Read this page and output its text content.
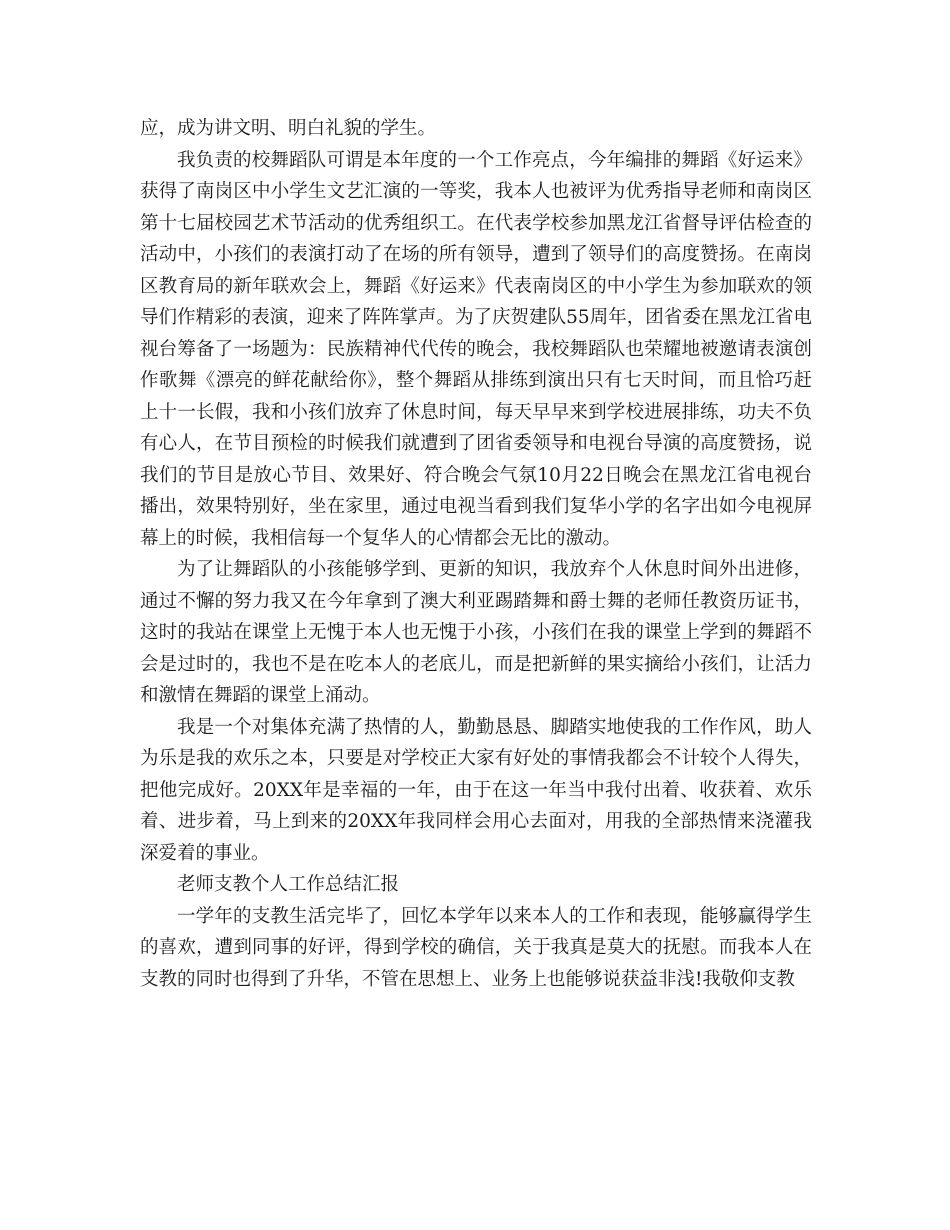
应，成为讲文明、明白礼貌的学生。

我负责的校舞蹈队可谓是本年度的一个工作亮点，今年编排的舞蹈《好运来》获得了南岗区中小学生文艺汇演的一等奖，我本人也被评为优秀指导老师和南岗区第十七届校园艺术节活动的优秀组织工。在代表学校参加黑龙江省督导评估检查的活动中，小孩们的表演打动了在场的所有领导，遭到了领导们的高度赞扬。在南岗区教育局的新年联欢会上，舞蹈《好运来》代表南岗区的中小学生为参加联欢的领导们作精彩的表演，迎来了阵阵掌声。为了庆贺建队55周年，团省委在黑龙江省电视台筹备了一场题为：民族精神代代传的晚会，我校舞蹈队也荣耀地被邀请表演创作歌舞《漂亮的鲜花献给你》，整个舞蹈从排练到演出只有七天时间，而且恰巧赶上十一长假，我和小孩们放弃了休息时间，每天早早来到学校进展排练，功夫不负有心人，在节目预检的时候我们就遭到了团省委领导和电视台导演的高度赞扬，说我们的节目是放心节目、效果好、符合晚会气氛10月22日晚会在黑龙江省电视台播出，效果特别好，坐在家里，通过电视当看到我们复华小学的名字出如今电视屏幕上的时候，我相信每一个复华人的心情都会无比的激动。

为了让舞蹈队的小孩能够学到、更新的知识，我放弃个人休息时间外出进修，通过不懈的努力我又在今年拿到了澳大利亚踢踏舞和爵士舞的老师任教资历证书，这时的我站在课堂上无愧于本人也无愧于小孩，小孩们在我的课堂上学到的舞蹈不会是过时的，我也不是在吃本人的老底儿，而是把新鲜的果实摘给小孩们，让活力和激情在舞蹈的课堂上涌动。

我是一个对集体充满了热情的人，勤勤恳恳、脚踏实地使我的工作作风，助人为乐是我的欢乐之本，只要是对学校正大家有好处的事情我都会不计较个人得失，把他完成好。20XX年是幸福的一年，由于在这一年当中我付出着、收获着、欢乐着、进步着，马上到来的20XX年我同样会用心去面对，用我的全部热情来浇灌我深爱着的事业。

老师支教个人工作总结汇报

一学年的支教生活完毕了，回忆本学年以来本人的工作和表现，能够赢得学生的喜欢，遭到同事的好评，得到学校的确信，关于我真是莫大的抚慰。而我本人在支教的同时也得到了升华，不管在思想上、业务上也能够说获益非浅!我敬仰支教
